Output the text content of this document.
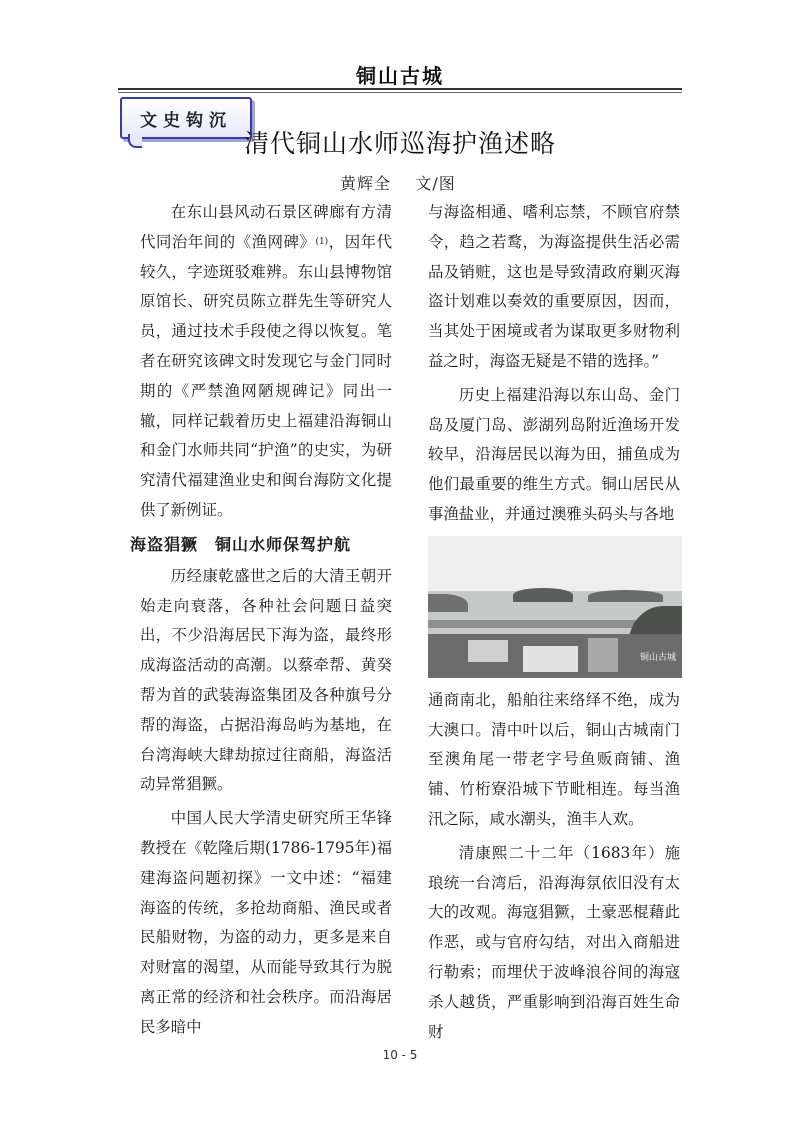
铜山古城
文史钩沉
清代铜山水师巡海护渔述略
黄辉全    文/图

在东山县风动石景区碑廊有方清代同治年间的《渔网碑》$^{(1)}$，因年代较久，字迹斑驳难辨。东山县博物馆原馆长、研究员陈立群先生等研究人员，通过技术手段使之得以恢复。笔者在研究该碑文时发现它与金门同时期的《严禁渔网陋规碑记》同出一辙，同样记载着历史上福建沿海铜山和金门水师共同“护渔”的史实，为研究清代福建渔业史和闽台海防文化提供了新例证。

海盗猖獗　铜山水师保驾护航

历经康乾盛世之后的大清王朝开始走向衰落，各种社会问题日益突出，不少沿海居民下海为盗，最终形成海盗活动的高潮。以蔡牵帮、黄癸帮为首的武装海盗集团及各种旗号分帮的海盗，占据沿海岛屿为基地，在台湾海峡大肆劫掠过往商船，海盗活动异常猖獗。

中国人民大学清史研究所王华锋教授在《乾隆后期(1786-1795年)福建海盗问题初探》一文中述：“福建海盗的传统，多抢劫商船、渔民或者民船财物，为盗的动力，更多是来自对财富的渴望，从而能导致其行为脱离正常的经济和社会秩序。而沿海居民多暗中

与海盗相通、嗜利忘禁，不顾官府禁令，趋之若鹜，为海盗提供生活必需品及销赃，这也是导致清政府剿灭海盗计划难以奏效的重要原因，因而，当其处于困境或者为谋取更多财物利益之时，海盗无疑是不错的选择。”

历史上福建沿海以东山岛、金门岛及厦门岛、澎湖列岛附近渔场开发较早，沿海居民以海为田，捕鱼成为他们最重要的维生方式。铜山居民从事渔盐业，并通过澳雅头码头与各地

铜山古城

通商南北，船舶往来络绎不绝，成为大澳口。清中叶以后，铜山古城南门至澳角尾一带老字号鱼贩商铺、渔铺、竹桁寮沿城下节毗相连。每当渔汛之际，咸水潮头，渔丰人欢。

清康熙二十二年（1683年）施琅统一台湾后，沿海海氛依旧没有太大的改观。海寇猖獗，土豪恶棍藉此作恶，或与官府勾结，对出入商船进行勒索；而埋伏于波峰浪谷间的海寇杀人越货，严重影响到沿海百姓生命财

10 - 5
